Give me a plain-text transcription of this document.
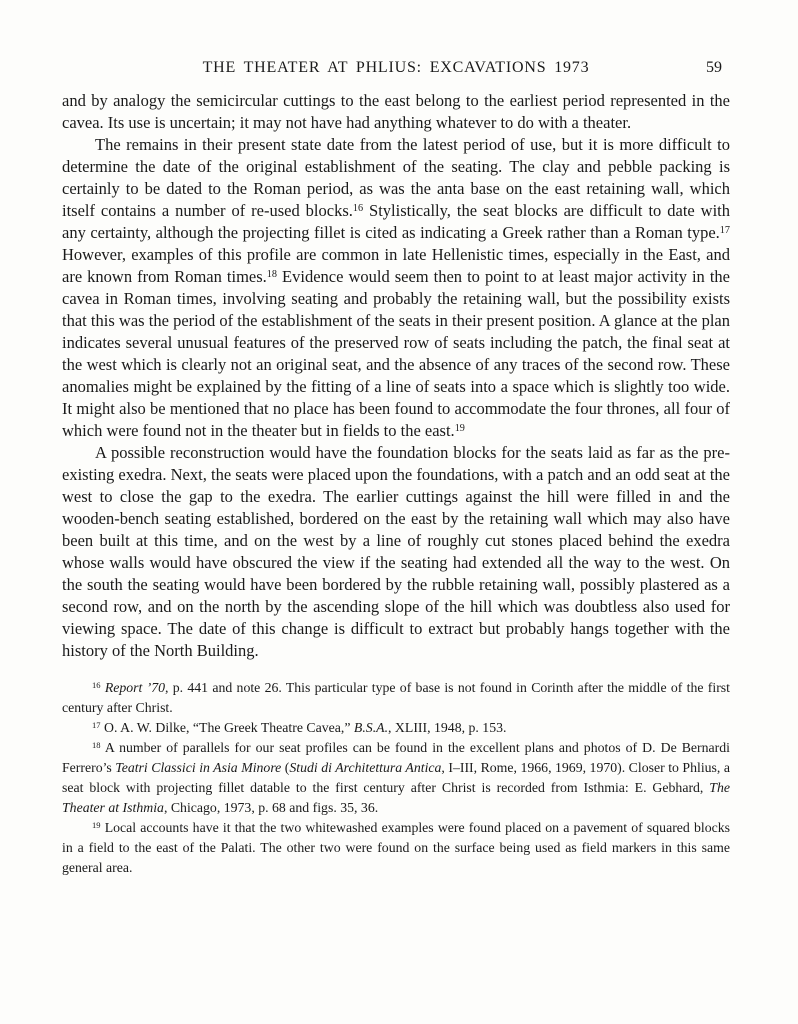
THE THEATER AT PHLIUS: EXCAVATIONS 1973	59

and by analogy the semicircular cuttings to the east belong to the earliest period represented in the cavea. Its use is uncertain; it may not have had anything whatever to do with a theater.

The remains in their present state date from the latest period of use, but it is more difficult to determine the date of the original establishment of the seating. The clay and pebble packing is certainly to be dated to the Roman period, as was the anta base on the east retaining wall, which itself contains a number of re-used blocks.$^{16}$ Stylistically, the seat blocks are difficult to date with any certainty, although the projecting fillet is cited as indicating a Greek rather than a Roman type.$^{17}$ However, examples of this profile are common in late Hellenistic times, especially in the East, and are known from Roman times.$^{18}$ Evidence would seem then to point to at least major activity in the cavea in Roman times, involving seating and probably the retaining wall, but the possibility exists that this was the period of the establishment of the seats in their present position. A glance at the plan indicates several unusual features of the preserved row of seats including the patch, the final seat at the west which is clearly not an original seat, and the absence of any traces of the second row. These anomalies might be explained by the fitting of a line of seats into a space which is slightly too wide. It might also be mentioned that no place has been found to accommodate the four thrones, all four of which were found not in the theater but in fields to the east.$^{19}$

A possible reconstruction would have the foundation blocks for the seats laid as far as the pre-existing exedra. Next, the seats were placed upon the foundations, with a patch and an odd seat at the west to close the gap to the exedra. The earlier cuttings against the hill were filled in and the wooden-bench seating established, bordered on the east by the retaining wall which may also have been built at this time, and on the west by a line of roughly cut stones placed behind the exedra whose walls would have obscured the view if the seating had extended all the way to the west. On the south the seating would have been bordered by the rubble retaining wall, possibly plastered as a second row, and on the north by the ascending slope of the hill which was doubtless also used for viewing space. The date of this change is difficult to extract but probably hangs together with the history of the North Building.

$^{16}$ Report ’70, p. 441 and note 26. This particular type of base is not found in Corinth after the middle of the first century after Christ.

$^{17}$ O. A. W. Dilke, “The Greek Theatre Cavea,” B.S.A., XLIII, 1948, p. 153.

$^{18}$ A number of parallels for our seat profiles can be found in the excellent plans and photos of D. De Bernardi Ferrero’s Teatri Classici in Asia Minore (Studi di Architettura Antica, I–III, Rome, 1966, 1969, 1970). Closer to Phlius, a seat block with projecting fillet datable to the first century after Christ is recorded from Isthmia: E. Gebhard, The Theater at Isthmia, Chicago, 1973, p. 68 and figs. 35, 36.

$^{19}$ Local accounts have it that the two whitewashed examples were found placed on a pavement of squared blocks in a field to the east of the Palati. The other two were found on the surface being used as field markers in this same general area.
